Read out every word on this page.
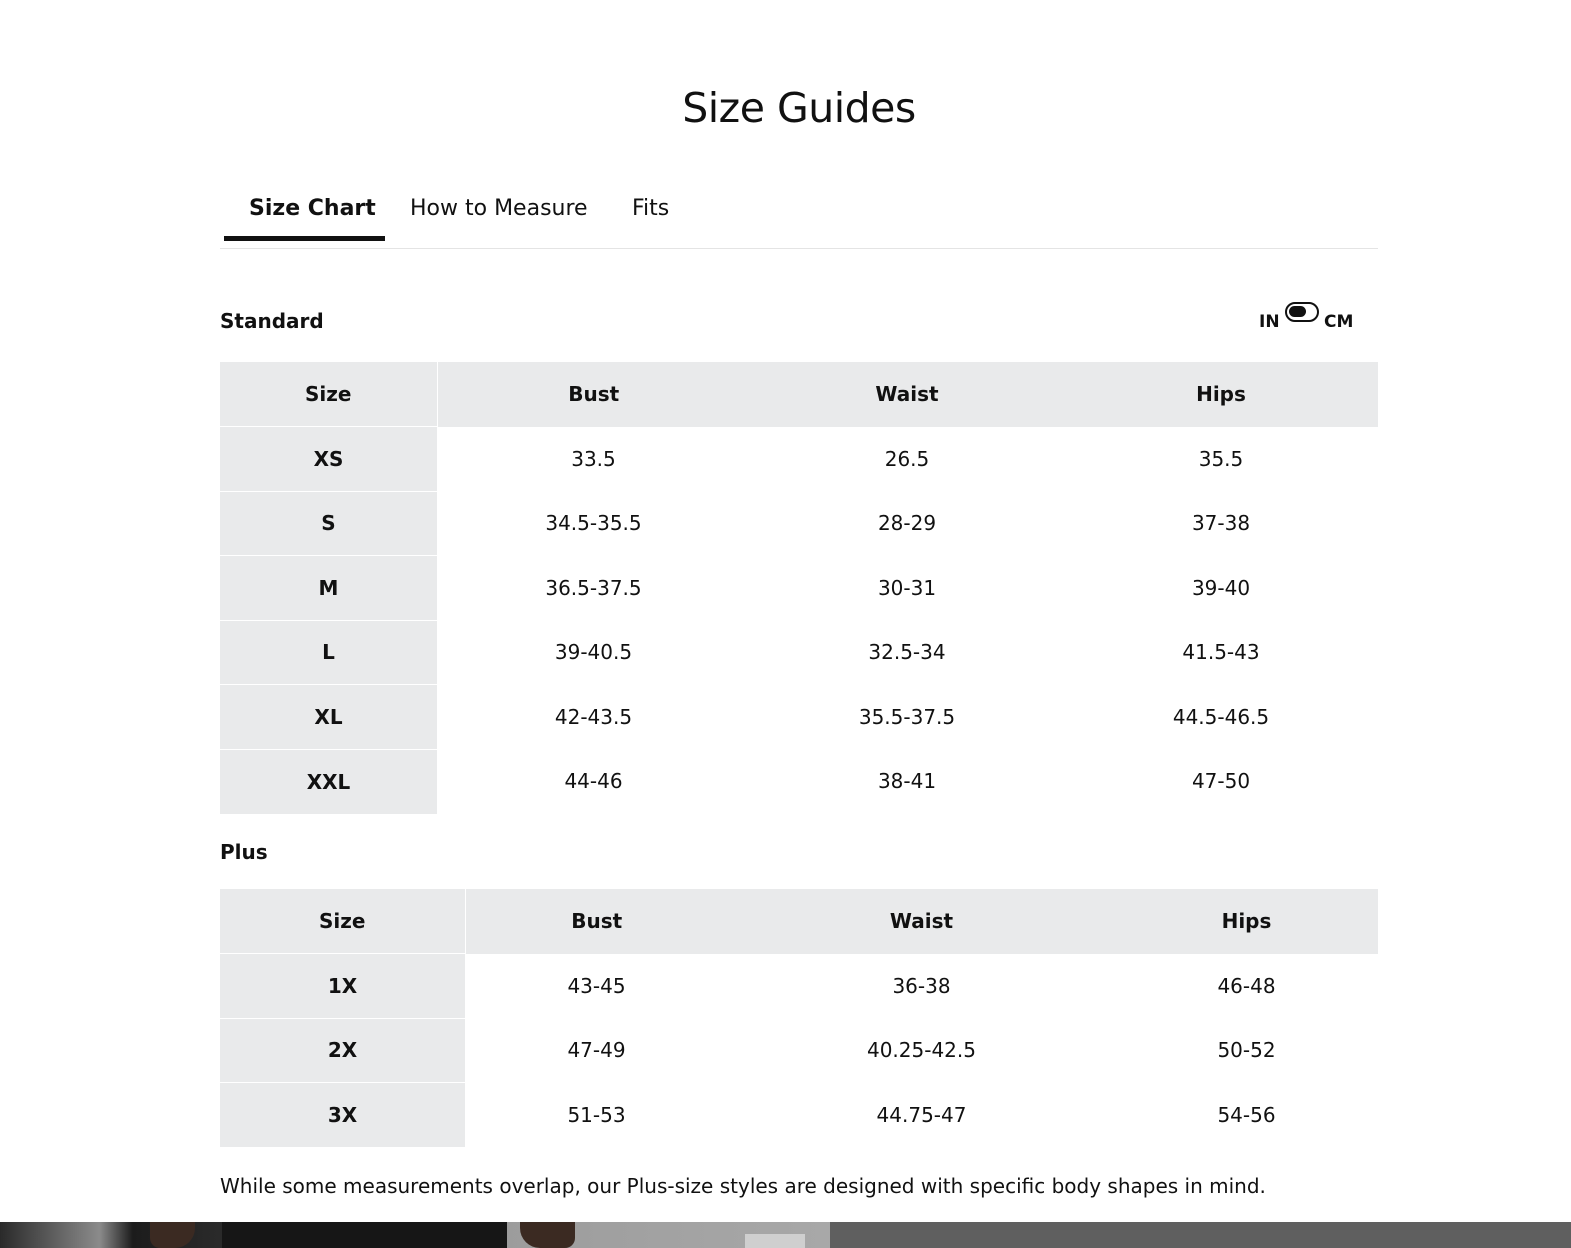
Size Guides
Size Chart How to Measure Fits
Standard	IN	CM
Size	Bust	Waist	Hips
XS	33.5	26.5	35.5
S	34.5-35.5	28-29	37-38
M	36.5-37.5	30-31	39-40
L	39-40.5	32.5-34	41.5-43
XL	42-43.5	35.5-37.5	44.5-46.5
XXL	44-46	38-41	47-50
Plus
Size	Bust	Waist	Hips
1X	43-45	36-38	46-48
2X	47-49	40.25-42.5	50-52
3X	51-53	44.75-47	54-56

While some measurements overlap, our Plus-size styles are designed with specific body shapes in mind.
